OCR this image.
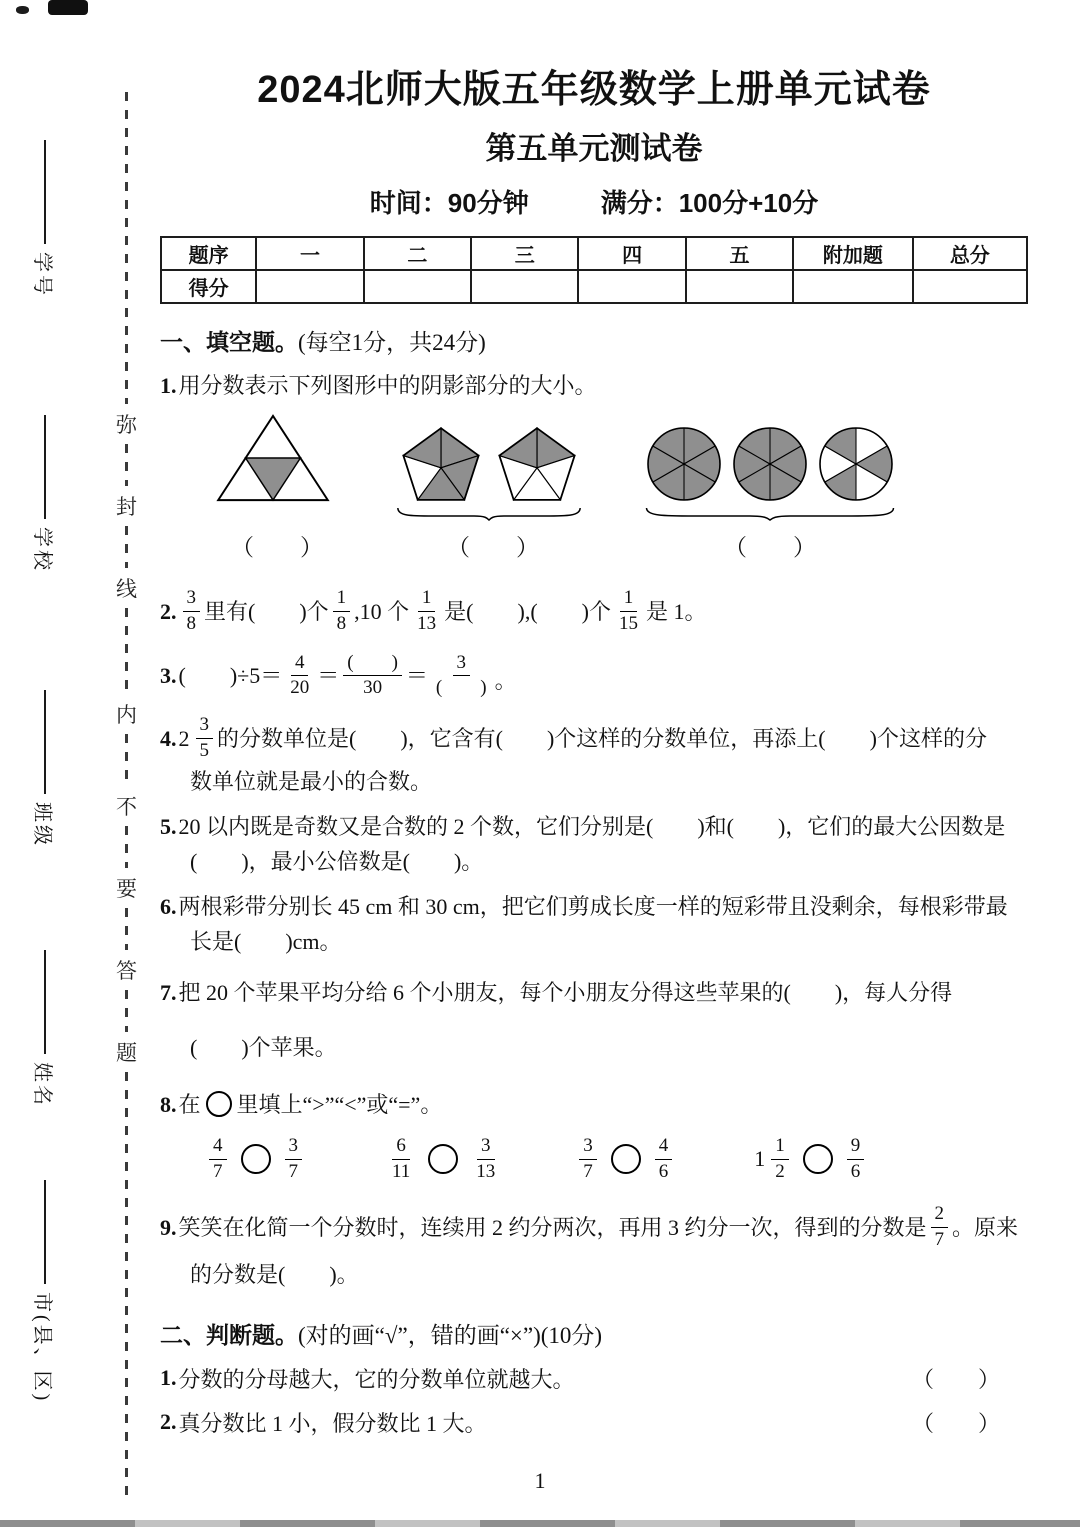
学号
学校
班级
姓名
市(县、区)
弥
封
线
内
不
要
答
题
2024北师大版五年级数学上册单元试卷
第五单元测试卷
时间：90分钟	满分：100分+10分
题序	一	二	三	四	五	附加题	总分
得分							
一、填空题。(每空1分，共24分)
1. 用分数表示下列图形中的阴影部分的大小。
（　　）	（　　）	（　　）
2. $\frac{3}{8}$ 里有(　　)个 $\frac{1}{8} ,10$ 个 $\frac{1}{13}$ 是(　　),(　　)个 $\frac{1}{15}$ 是 1。
3. (　　)$\div 5= \frac{4}{20} = \frac{( )}{30} = \frac{3}{( )}$ 。
4. $2 \frac{3}{5}$ 的分数单位是(　　)，它含有(　　)个这样的分数单位，再添上(　　)个这样的分
数单位就是最小的合数。
5. 20 以内既是奇数又是合数的 2 个数，它们分别是(　　)和(　　)，它们的最大公因数是
(　　)，最小公倍数是(　　)。
6. 两根彩带分别长 45 cm 和 30 cm，把它们剪成长度一样的短彩带且没剩余，每根彩带最
长是(　　)cm。
7. 把 20 个苹果平均分给 6 个小朋友，每个小朋友分得这些苹果的(　　)，每人分得
(　　)个苹果。
8. 在 里填上“>”“<”或“=”。
$\frac{4}{7}$	$\frac{3}{7}$	$\frac{6}{11}$	$\frac{3}{13}$	$\frac{3}{7}$	$\frac{4}{6}$	$1 \frac{1}{2}$	$\frac{9}{6}$
9. 笑笑在化简一个分数时，连续用 2 约分两次，再用 3 约分一次，得到的分数是 $\frac{2}{7}$ 。原来
的分数是(　　)。
二、判断题。(对的画“√”，错的画“×”)(10分)
1. 分数的分母越大，它的分数单位就越大。	（　　）
2. 真分数比 1 小，假分数比 1 大。	（　　）
1
